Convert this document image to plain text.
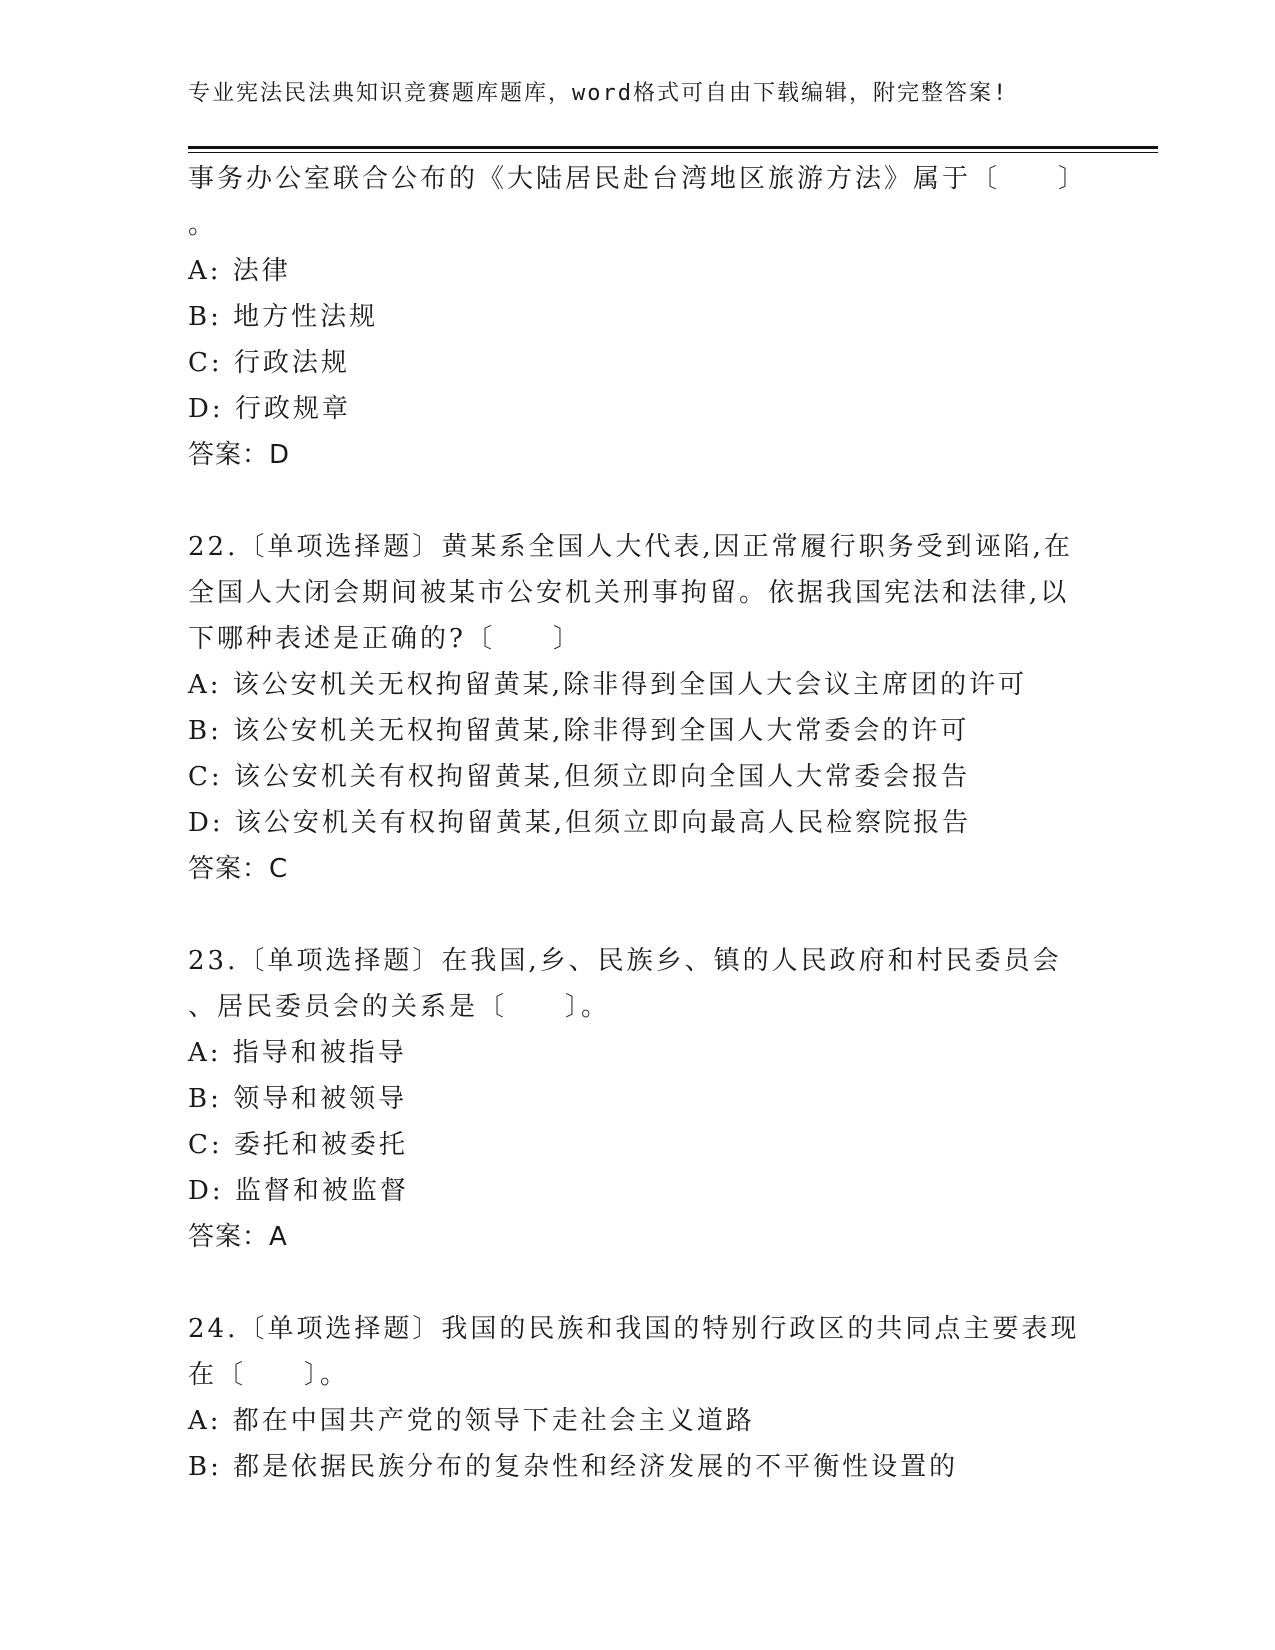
专业宪法民法典知识竞赛题库题库，word格式可自由下载编辑，附完整答案!
事务办公室联合公布的《大陆居民赴台湾地区旅游方法》属于〔　　〕
。
A: 法律
B: 地方性法规
C: 行政法规
D: 行政规章
答案：D
22.〔单项选择题〕黄某系全国人大代表,因正常履行职务受到诬陷,在
全国人大闭会期间被某市公安机关刑事拘留。依据我国宪法和法律,以
下哪种表述是正确的?〔　　〕
A: 该公安机关无权拘留黄某,除非得到全国人大会议主席团的许可
B: 该公安机关无权拘留黄某,除非得到全国人大常委会的许可
C: 该公安机关有权拘留黄某,但须立即向全国人大常委会报告
D: 该公安机关有权拘留黄某,但须立即向最高人民检察院报告
答案：C
23.〔单项选择题〕在我国,乡、民族乡、镇的人民政府和村民委员会
、居民委员会的关系是〔　　〕。
A: 指导和被指导
B: 领导和被领导
C: 委托和被委托
D: 监督和被监督
答案：A
24.〔单项选择题〕我国的民族和我国的特别行政区的共同点主要表现
在〔　　〕。
A: 都在中国共产党的领导下走社会主义道路
B: 都是依据民族分布的复杂性和经济发展的不平衡性设置的
